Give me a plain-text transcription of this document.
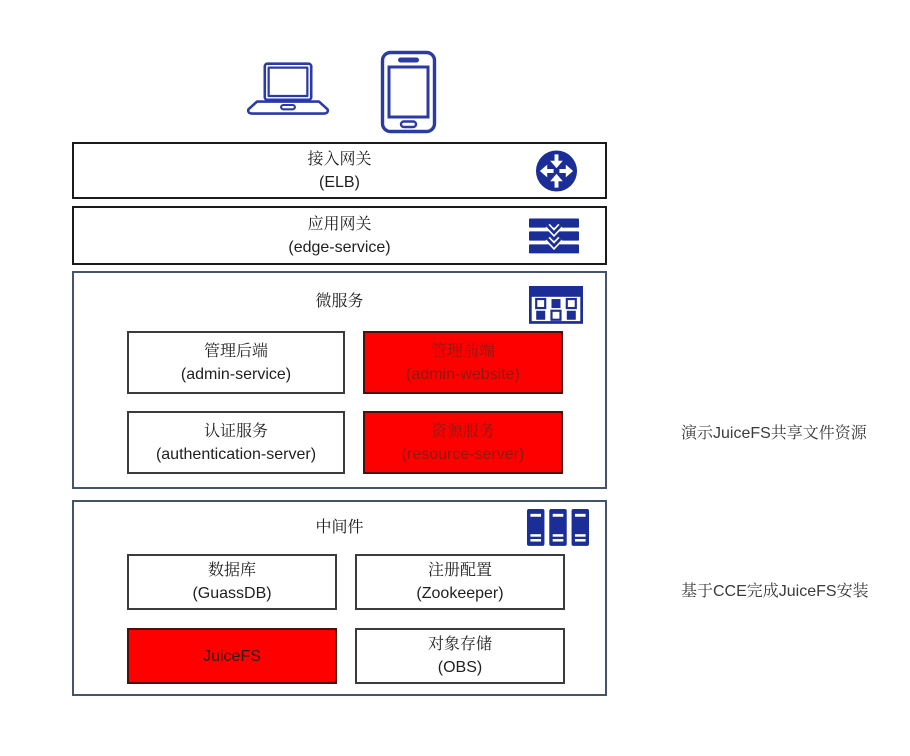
接入网关
(ELB)
应用网关
(edge-service)
微服务
管理后端
(admin-service)
管理前端
(admin-website)
认证服务
(authentication-server)
资源服务
(resource-server)
中间件
数据库
(GuassDB)
注册配置
(Zookeeper)
JuiceFS
对象存储
(OBS)
演示JuiceFS共享文件资源
基于CCE完成JuiceFS安装
